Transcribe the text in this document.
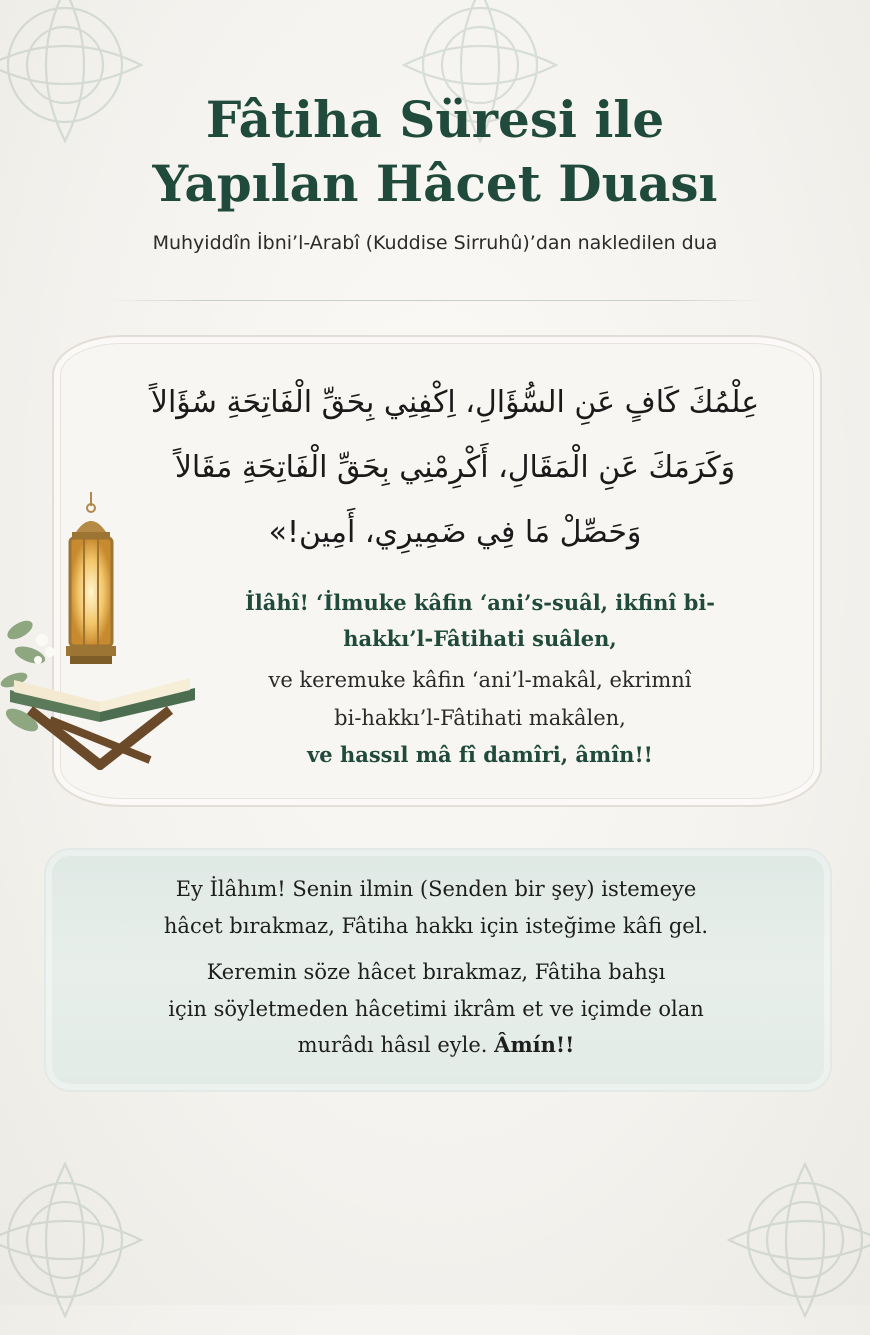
Fâtiha Süresi ile
Yapılan Hâcet Duası
Muhyiddîn İbni’l-Arabî (Kuddise Sirruhû)’dan nakledilen dua
عِلْمُكَ كَافٍ عَنِ السُّؤَالِ، اِكْفِنِي بِحَقِّ الْفَاتِحَةِ سُؤَالاً
وَكَرَمَكَ عَنِ الْمَقَالِ، أَكْرِمْنِي بِحَقِّ الْفَاتِحَةِ مَقَالاً
وَحَصِّلْ مَا فِي ضَمِيرِي، أَمِين!»
İlâhî! ‘İlmuke kâfin ‘ani’s-suâl, ikfinî bi-
hakkı’l-Fâtihati suâlen,
ve keremuke kâfin ‘ani’l-makâl, ekrimnî
bi-hakkı’l-Fâtihati makâlen,
ve hassıl mâ fî damîri, âmîn!!
Ey İlâhım! Senin ilmin (Senden bir şey) istemeye
hâcet bırakmaz, Fâtiha hakkı için isteğime kâfi gel.
Keremin söze hâcet bırakmaz, Fâtiha bahşı
için söyletmeden hâcetimi ikrâm et ve içimde olan
murâdı hâsıl eyle. Âmín!!
